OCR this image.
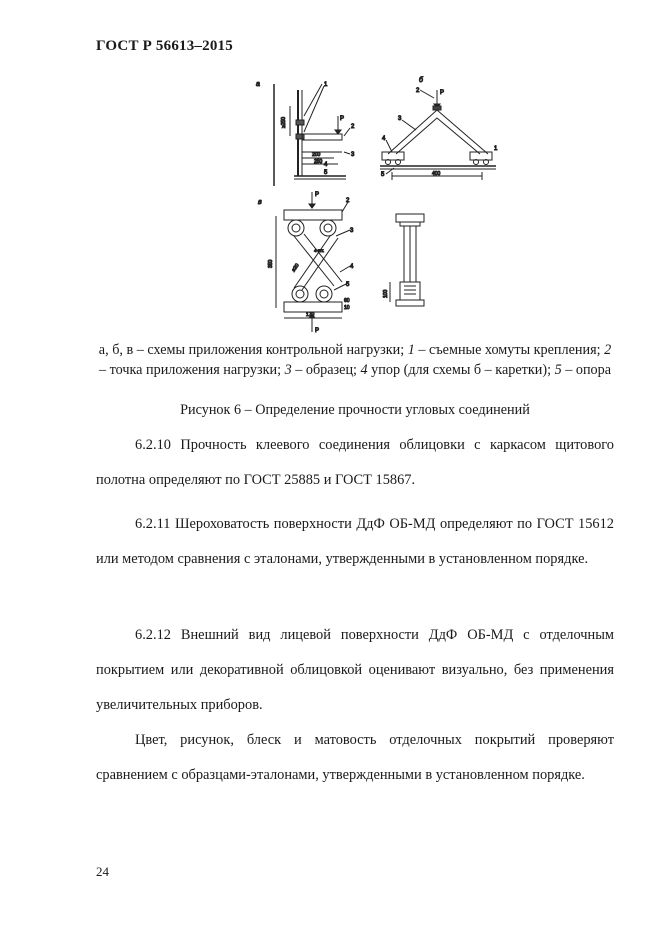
ГОСТ Р 56613–2015
а
P
1
2
3
4
5
≥250
200
250
б
P
400
2
3
4
5
1
в
P
P
350
170
ø20
60
10
4 шт.
2
3
4
5
100
а, б, в – схемы приложения контрольной нагрузки; 1 – съемные хомуты крепления; 2 – точка приложения нагрузки; 3 – образец; 4 упор (для схемы б – каретки); 5 – опора
Рисунок 6 – Определение прочности угловых соединений

6.2.10 Прочность клеевого соединения облицовки с каркасом щитового полотна определяют по ГОСТ 25885 и ГОСТ 15867.

6.2.11 Шероховатость поверхности ДдФ ОБ-МД определяют по ГОСТ 15612 или методом сравнения с эталонами, утвержденными в установленном порядке.

6.2.12 Внешний вид лицевой поверхности ДдФ ОБ-МД с отделочным покрытием или декоративной облицовкой оценивают визуально, без применения увеличительных приборов.

Цвет, рисунок, блеск и матовость отделочных покрытий проверяют сравнением с образцами-эталонами, утвержденными в установленном порядке.

24
